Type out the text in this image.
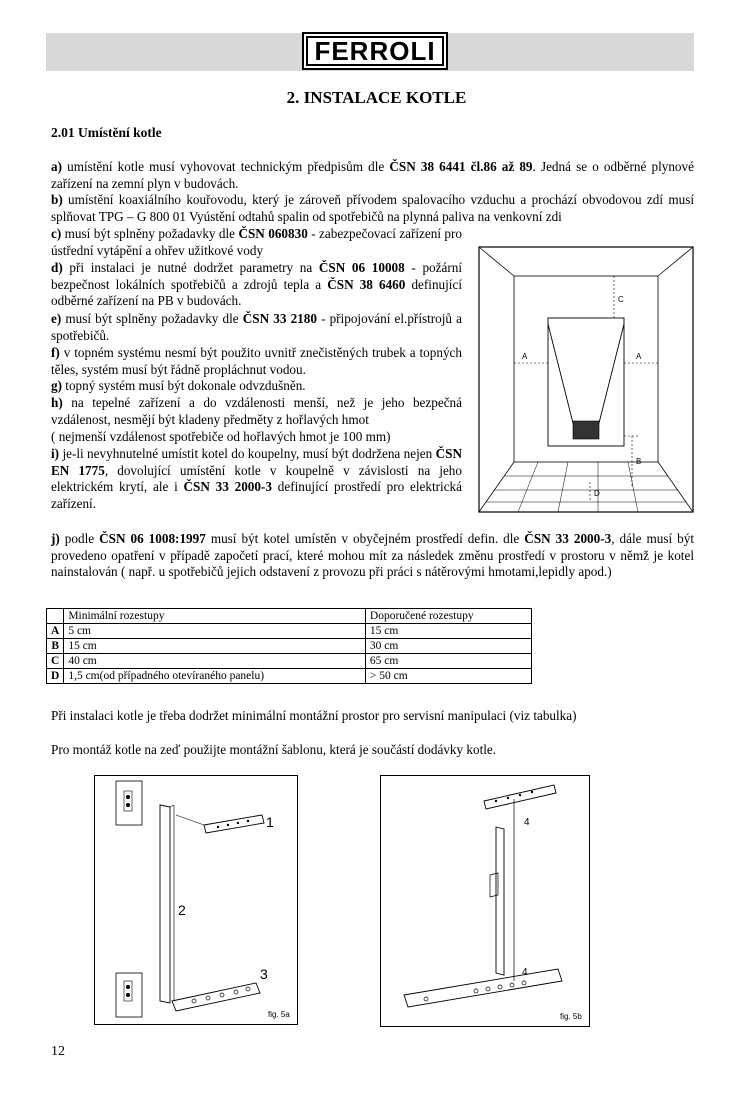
FERROLI
2. INSTALACE KOTLE
2.01 Umístění kotle
a) umístění kotle musí vyhovovat technickým předpisům dle ČSN 38 6441 čl.86 až 89. Jedná se o odběrné plynové zařízení na zemní plyn v budovách.
b) umístění koaxiálního kouřovodu, který je zároveň přívodem spalovacího vzduchu a prochází obvodovou zdí musí splňovat TPG – G 800 01 Vyústění odtahů spalin od spotřebičů na plynná paliva na venkovní zdi
c) musí být splněny požadavky dle ČSN 060830 - zabezpečovací zařízení pro ústřední vytápění a ohřev užitkové vody
d) při instalaci je nutné dodržet parametry na ČSN 06 10008 - požární bezpečnost lokálních spotřebičů a zdrojů tepla a ČSN 38 6460 definující odběrné zařízení na PB v budovách.
e) musí být splněny požadavky dle ČSN 33 2180 - připojování el.přístrojů a spotřebičů.
f) v topném systému nesmí být použito uvnitř znečistěných trubek a topných těles, systém musí být řádně propláchnut vodou.
g) topný systém musí být dokonale odvzdušněn.
h) na tepelné zařízení a do vzdálenosti menší, než je jeho bezpečná vzdálenost, nesmějí být kladeny předměty z hořlavých hmot
( nejmenší vzdálenost spotřebiče od hořlavých hmot je 100 mm)
i) je-li nevyhnutelné umístit kotel do koupelny, musí být dodržena nejen ČSN EN 1775, dovolující umístění kotle v koupelně v závislosti na jeho elektrickém krytí, ale i ČSN 33 2000-3 definující prostředí pro elektrická zařízení.
A	A
C
B
D
j) podle ČSN 06 1008:1997 musí být kotel umístěn v obyčejném prostředí defin. dle ČSN 33 2000-3, dále musí být provedeno opatření v případě započetí prací, které mohou mít za následek změnu prostředí v prostoru v němž je kotel nainstalován ( např. u spotřebičů jejich odstavení z provozu při práci s nátěrovými hmotami,lepidly apod.)
	Minimální rozestupy	Doporučené rozestupy
A	5 cm	15 cm
B	15 cm	30 cm
C	40 cm	65 cm
D	1,5 cm(od případného otevíraného panelu)	> 50 cm
Při instalaci kotle je třeba dodržet minimální montážní prostor pro servisní manipulaci (viz tabulka)
Pro montáž kotle na zeď použijte montážní šablonu, která je součástí dodávky kotle.
1
2
3
fig. 5a
4
4
fig. 5b
12
